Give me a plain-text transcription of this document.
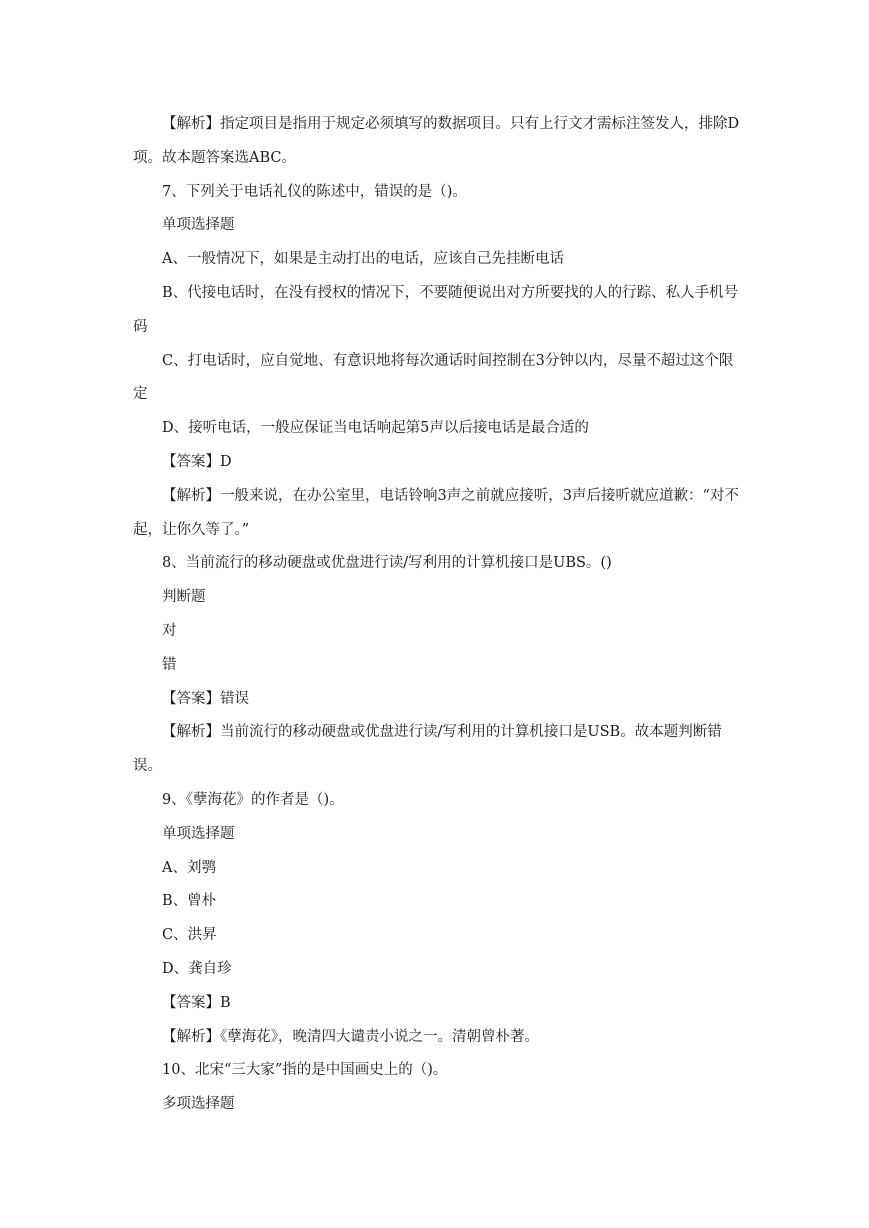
【解析】指定项目是指用于规定必须填写的数据项目。只有上行文才需标注签发人，排除D项。故本题答案选ABC。

7、下列关于电话礼仪的陈述中，错误的是（)。

单项选择题

A、一般情况下，如果是主动打出的电话，应该自己先挂断电话

B、代接电话时，在没有授权的情况下，不要随便说出对方所要找的人的行踪、私人手机号码

C、打电话时，应自觉地、有意识地将每次通话时间控制在3分钟以内，尽量不超过这个限定

D、接听电话，一般应保证当电话响起第5声以后接电话是最合适的

【答案】D

【解析】一般来说，在办公室里，电话铃响3声之前就应接听，3声后接听就应道歉：“对不起，让你久等了。”

8、当前流行的移动硬盘或优盘进行读/写利用的计算机接口是UBS。()

判断题

对

错

【答案】错误

【解析】当前流行的移动硬盘或优盘进行读/写利用的计算机接口是USB。故本题判断错误。

9、《孽海花》的作者是（)。

单项选择题

A、刘鹗

B、曾朴

C、洪昇

D、龚自珍

【答案】B

【解析】《孽海花》，晚清四大谴责小说之一。清朝曾朴著。

10、北宋“三大家”指的是中国画史上的（)。

多项选择题
